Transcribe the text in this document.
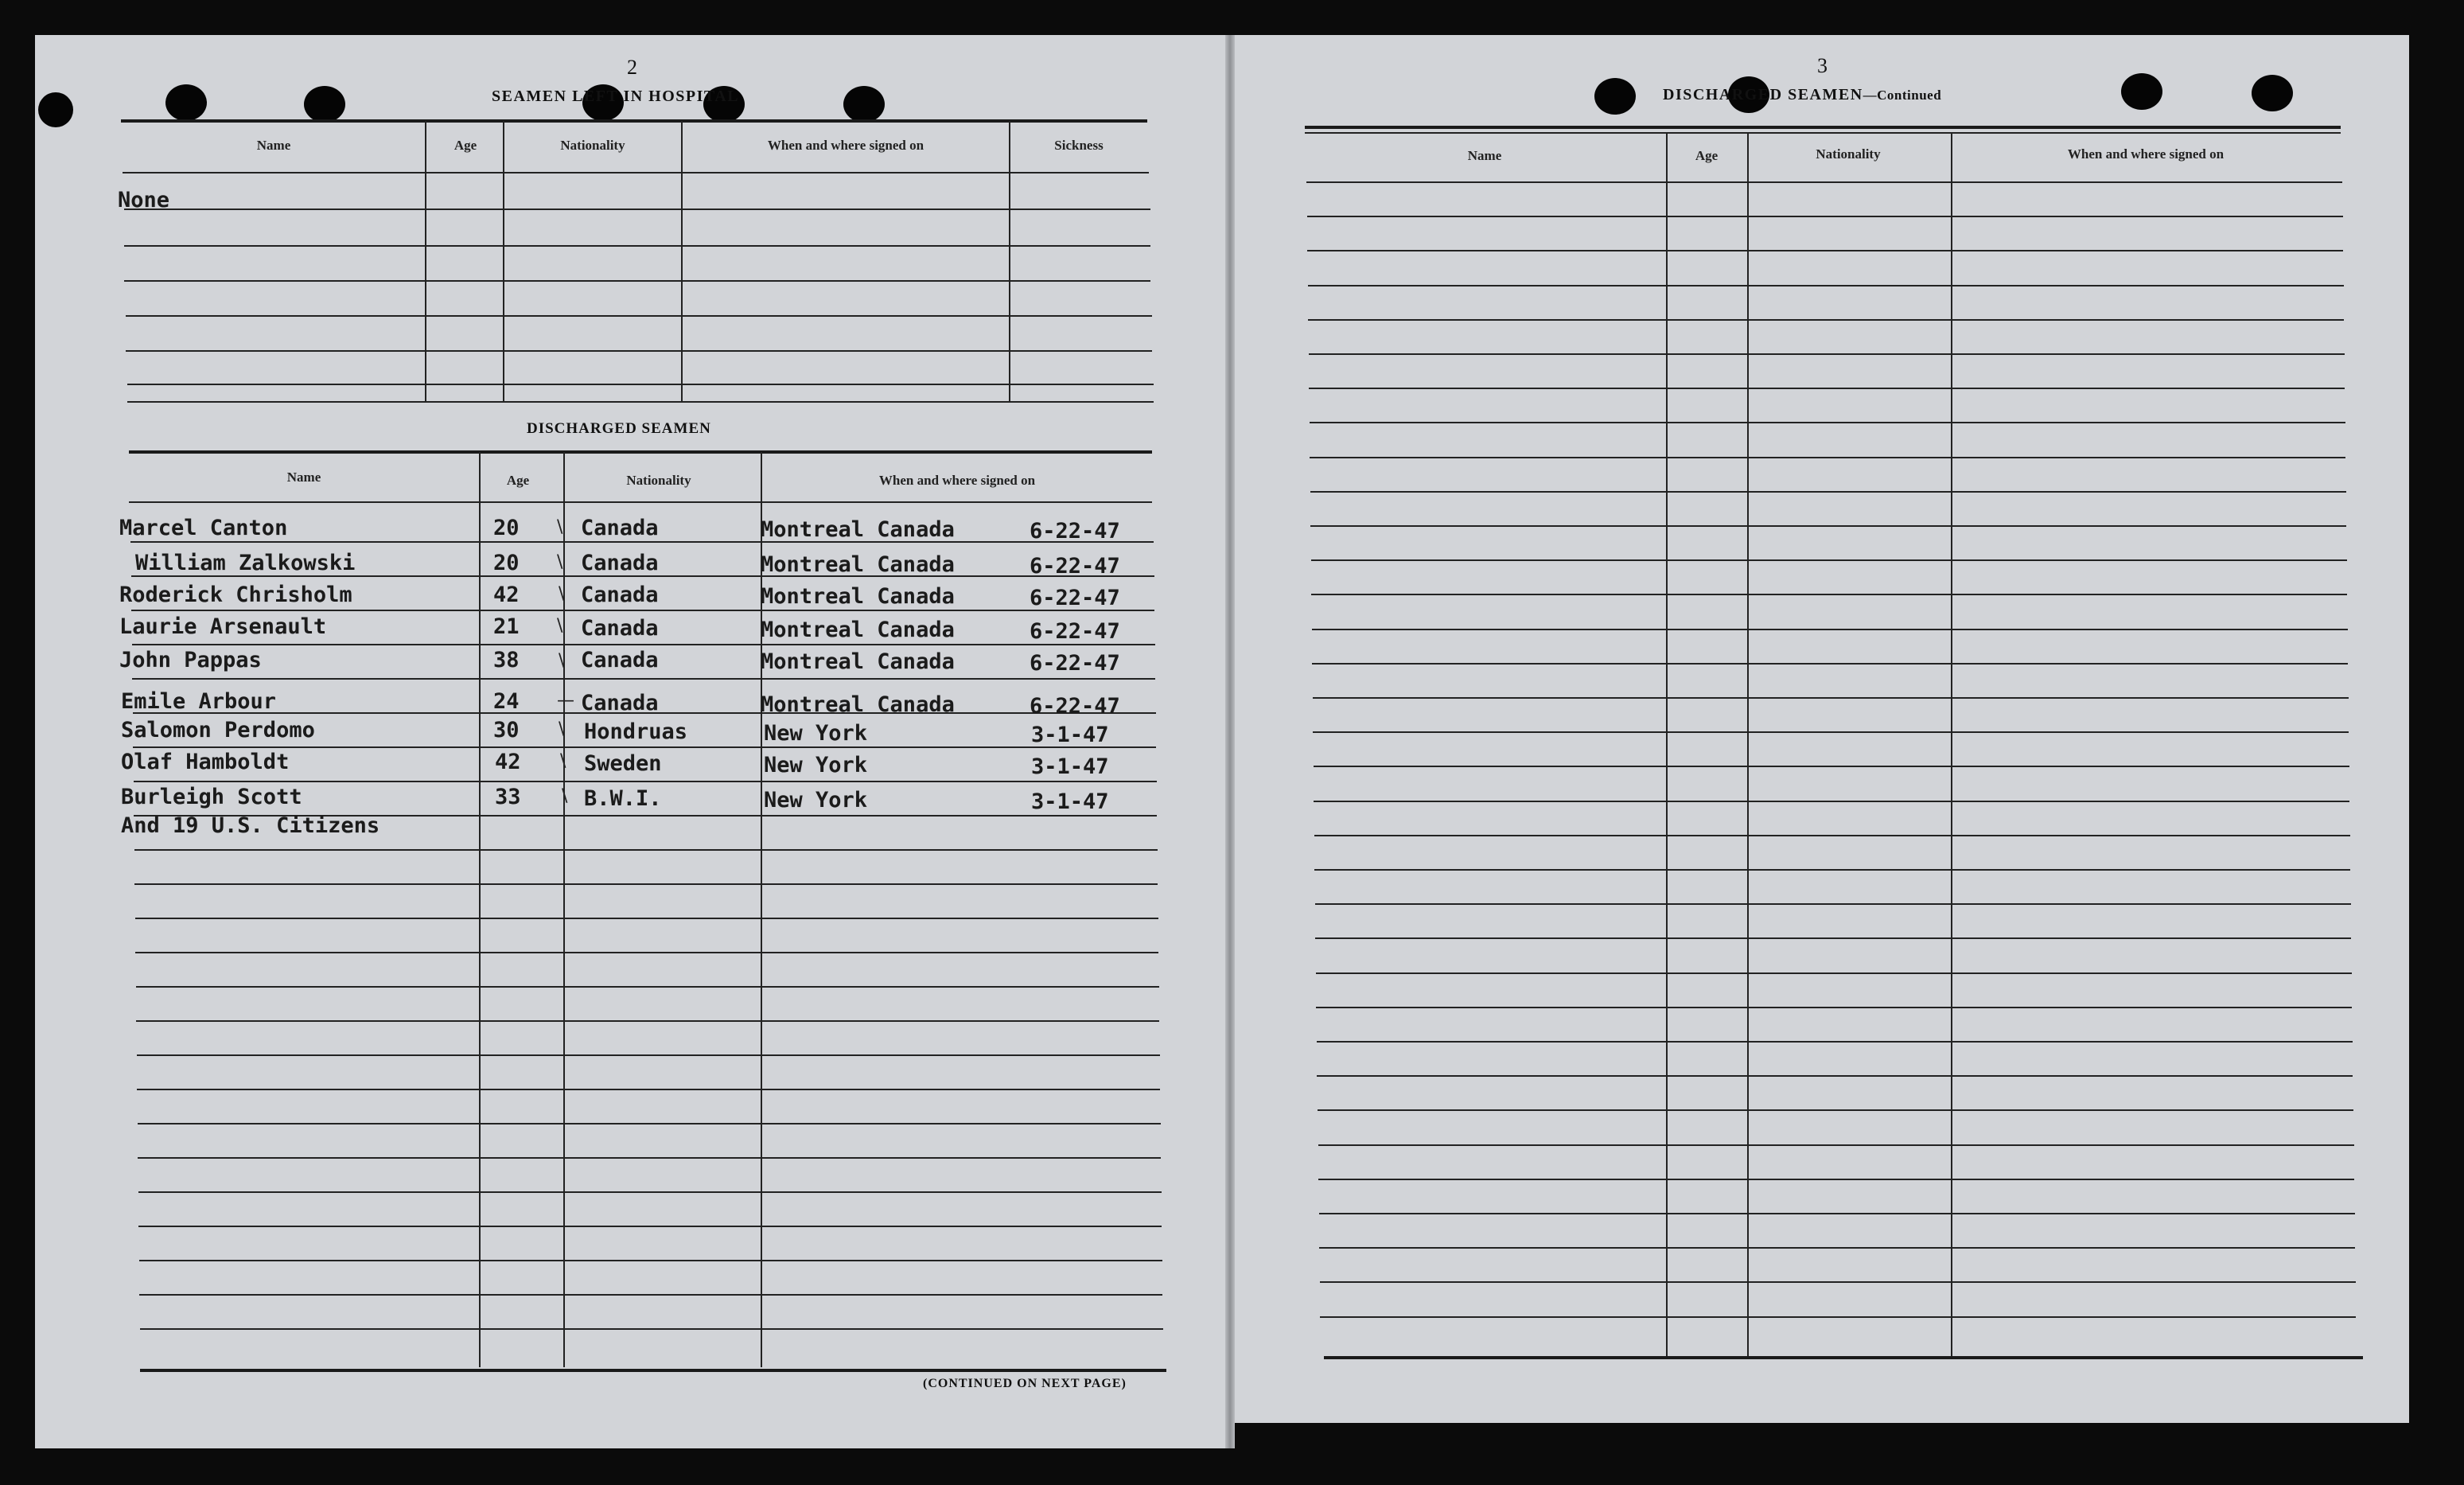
2
SEAMEN LEFT IN HOSPITAL
Name	Age	Nationality	When and where signed on	Sickness
None
DISCHARGED SEAMEN
Name	Age	Nationality	When and where signed on
Marcel Canton	20 \ Canada	Montreal Canada	6-22-47
William Zalkowski	20 \ Canada	Montreal Canada	6-22-47
Roderick Chrisholm	42 \ Canada	Montreal Canada	6-22-47
Laurie Arsenault	21 \ Canada	Montreal Canada	6-22-47
John Pappas	38 \ Canada	Montreal Canada	6-22-47
Emile Arbour	24 — Canada	Montreal Canada	6-22-47
Salomon Perdomo	30 \ Hondruas	New York	3-1-47
Olaf Hamboldt	42 \ Sweden	New York	3-1-47
Burleigh Scott	33 \ B.W.I.	New York	3-1-47
And 19 U.S. Citizens
(CONTINUED ON NEXT PAGE)
3
DISCHARGED SEAMEN—Continued
Name	Age	Nationality	When and where signed on
